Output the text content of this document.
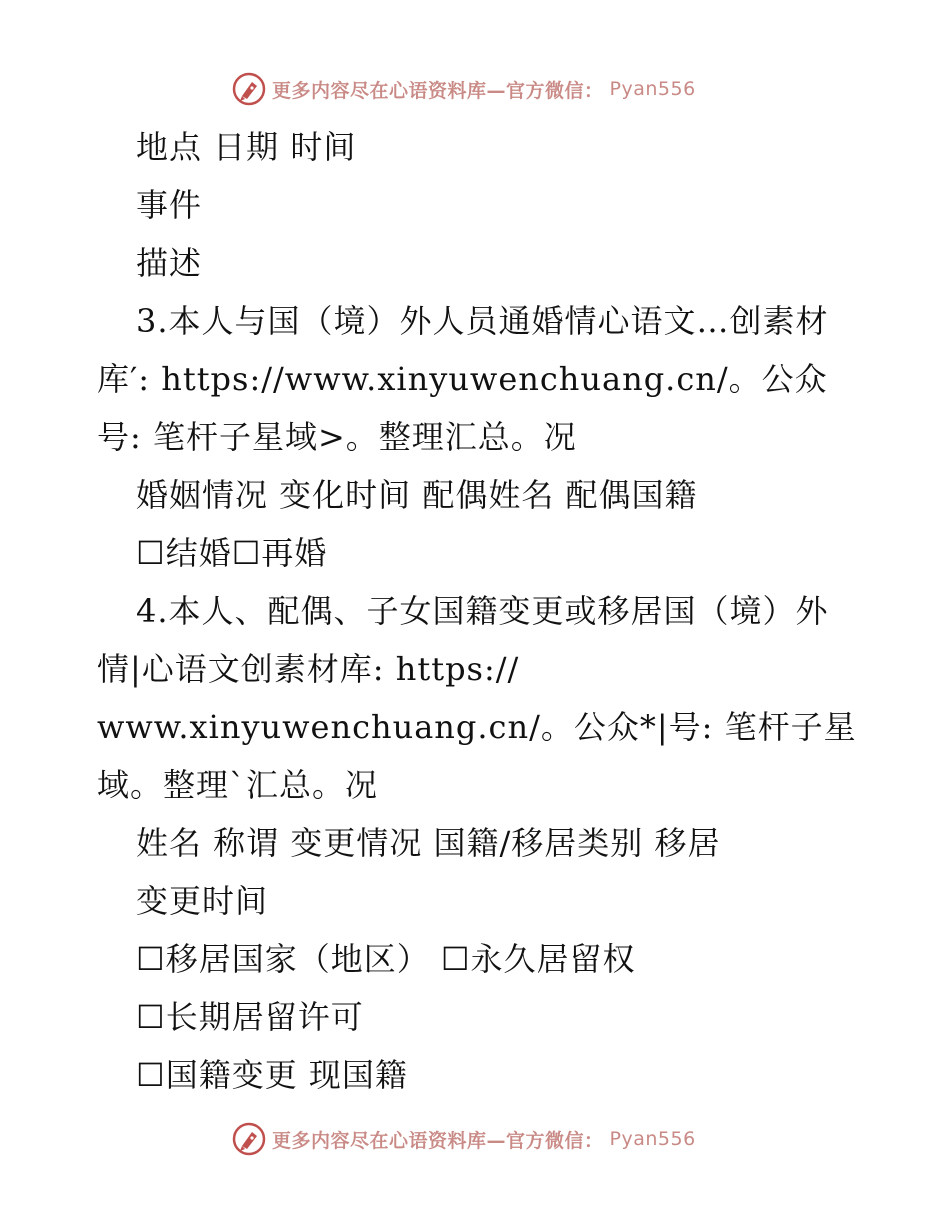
更多内容尽在心语资料库—官方微信： Pyan556
地点 日期 时间
事件
描述
3.本人与国（境）外人员通婚情心语文…创素材
库′: https://www.xinyuwenchuang.cn/。公众
号: 笔杆子星域>。整理汇总。况
婚姻情况 变化时间 配偶姓名 配偶国籍
☐结婚☐再婚
4.本人、配偶、子女国籍变更或移居国（境）外
情|心语文创素材库: https://
www.xinyuwenchuang.cn/。公众*|号: 笔杆子星
域。整理`汇总。况
姓名 称谓 变更情况 国籍/移居类别 移居
变更时间
☐移居国家（地区） ☐永久居留权
☐长期居留许可
☐国籍变更 现国籍
更多内容尽在心语资料库—官方微信： Pyan556
